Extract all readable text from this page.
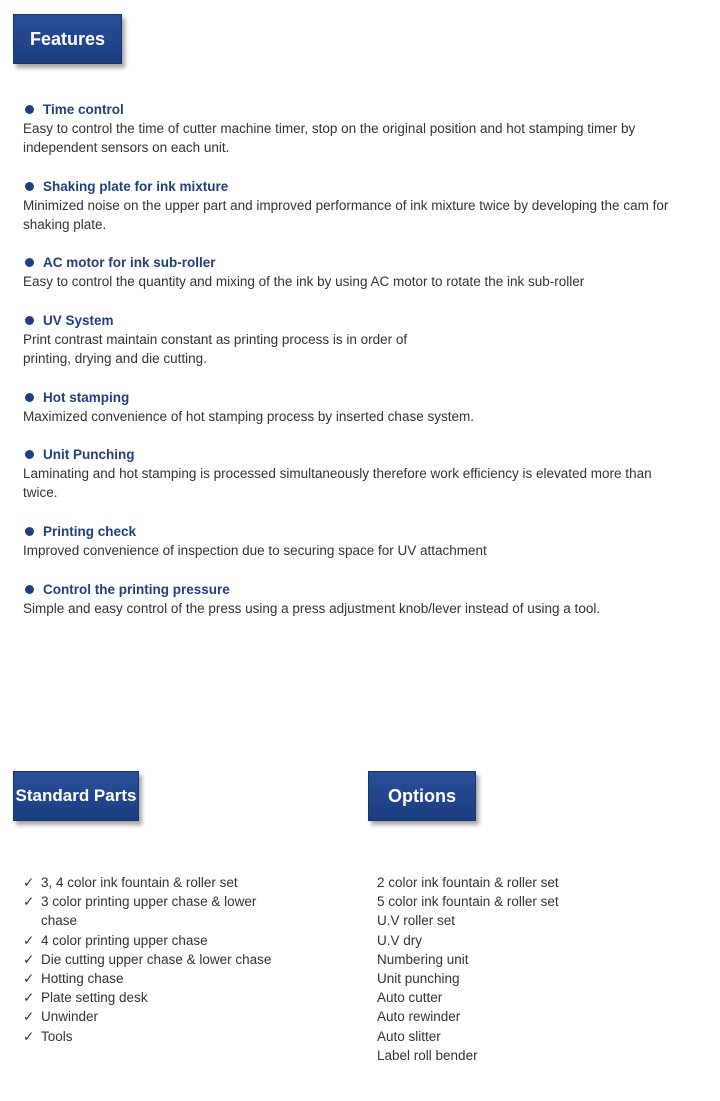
Features
Time control
Easy to control the time of cutter machine timer, stop on the original position and hot stamping timer by independent sensors on each unit.
Shaking plate for ink mixture
Minimized noise on the upper part and improved performance of ink mixture twice by developing the cam for shaking plate.
AC motor for ink sub-roller
Easy to control the quantity and mixing of the ink by using AC motor to rotate the ink sub-roller
UV System
Print contrast maintain constant as printing process is in order of printing, drying and die cutting.
Hot stamping
Maximized convenience of hot stamping process by inserted chase system.
Unit Punching
Laminating and hot stamping is processed simultaneously therefore work efficiency is elevated more than twice.
Printing check
Improved convenience of inspection due to securing space for UV attachment
Control the printing pressure
Simple and easy control of the press using a press adjustment knob/lever instead of using a tool.
Standard Parts	Options
✓ 3, 4 color ink fountain & roller set
✓ 3 color printing upper chase & lower chase
✓ 4 color printing upper chase
✓ Die cutting upper chase & lower chase
✓ Hotting chase
✓ Plate setting desk
✓ Unwinder
✓ Tools
2 color ink fountain & roller set
5 color ink fountain & roller set
U.V roller set
U.V dry
Numbering unit
Unit punching
Auto cutter
Auto rewinder
Auto slitter
Label roll bender
